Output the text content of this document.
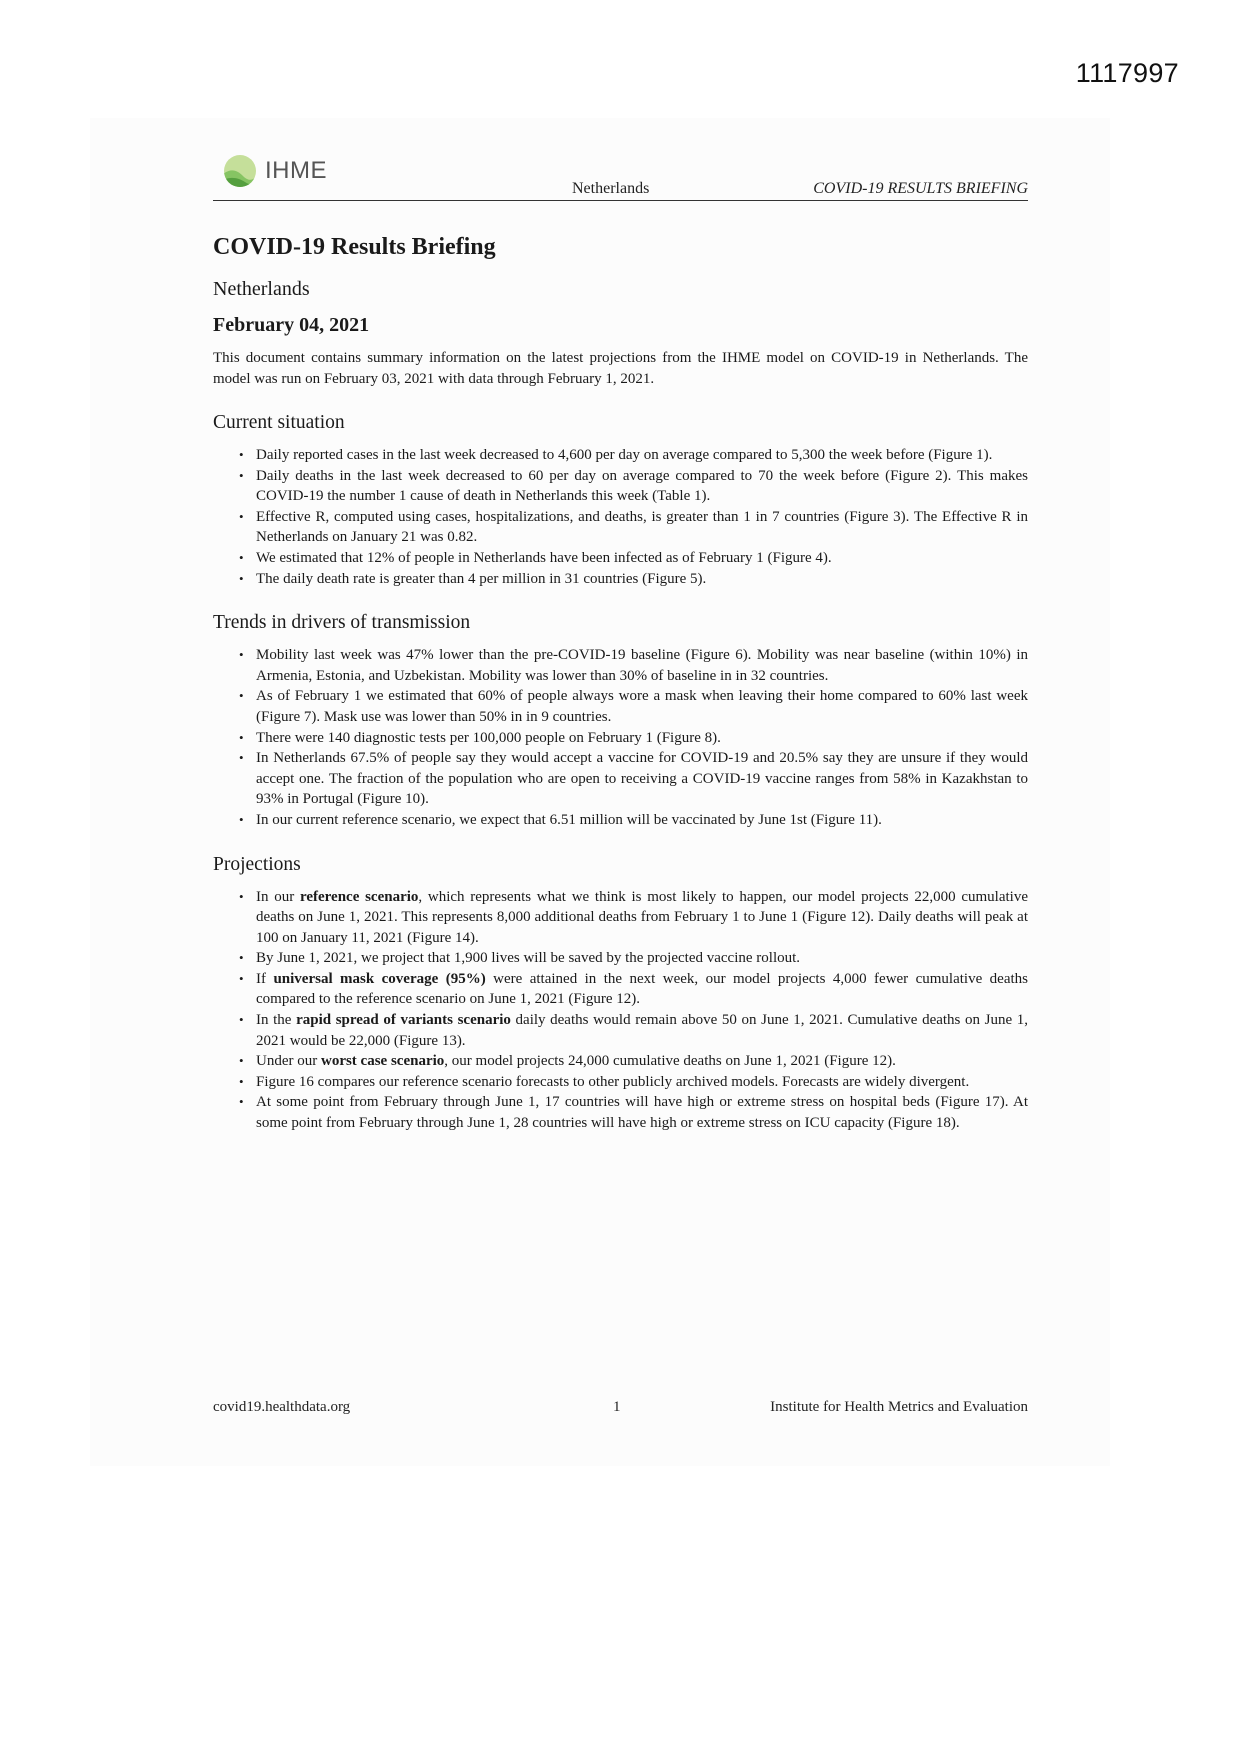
1117997
IHME
Netherlands	COVID-19 RESULTS BRIEFING
COVID-19 Results Briefing
Netherlands
February 04, 2021

This document contains summary information on the latest projections from the IHME model on COVID-19 in Netherlands. The model was run on February 03, 2021 with data through February 1, 2021.

Current situation
• Daily reported cases in the last week decreased to 4,600 per day on average compared to 5,300 the week before (Figure 1).
• Daily deaths in the last week decreased to 60 per day on average compared to 70 the week before (Figure 2). This makes COVID-19 the number 1 cause of death in Netherlands this week (Table 1).
• Effective R, computed using cases, hospitalizations, and deaths, is greater than 1 in 7 countries (Figure 3). The Effective R in Netherlands on January 21 was 0.82.
• We estimated that 12% of people in Netherlands have been infected as of February 1 (Figure 4).
• The daily death rate is greater than 4 per million in 31 countries (Figure 5).
Trends in drivers of transmission
• Mobility last week was 47% lower than the pre-COVID-19 baseline (Figure 6). Mobility was near baseline (within 10%) in Armenia, Estonia, and Uzbekistan. Mobility was lower than 30% of baseline in in 32 countries.
• As of February 1 we estimated that 60% of people always wore a mask when leaving their home compared to 60% last week (Figure 7). Mask use was lower than 50% in in 9 countries.
• There were 140 diagnostic tests per 100,000 people on February 1 (Figure 8).
• In Netherlands 67.5% of people say they would accept a vaccine for COVID-19 and 20.5% say they are unsure if they would accept one. The fraction of the population who are open to receiving a COVID-19 vaccine ranges from 58% in Kazakhstan to 93% in Portugal (Figure 10).
• In our current reference scenario, we expect that 6.51 million will be vaccinated by June 1st (Figure 11).
Projections
• In our reference scenario, which represents what we think is most likely to happen, our model projects 22,000 cumulative deaths on June 1, 2021. This represents 8,000 additional deaths from February 1 to June 1 (Figure 12). Daily deaths will peak at 100 on January 11, 2021 (Figure 14).
• By June 1, 2021, we project that 1,900 lives will be saved by the projected vaccine rollout.
• If universal mask coverage (95%) were attained in the next week, our model projects 4,000 fewer cumulative deaths compared to the reference scenario on June 1, 2021 (Figure 12).
• In the rapid spread of variants scenario daily deaths would remain above 50 on June 1, 2021. Cumulative deaths on June 1, 2021 would be 22,000 (Figure 13).
• Under our worst case scenario, our model projects 24,000 cumulative deaths on June 1, 2021 (Figure 12).
• Figure 16 compares our reference scenario forecasts to other publicly archived models. Forecasts are widely divergent.
• At some point from February through June 1, 17 countries will have high or extreme stress on hospital beds (Figure 17). At some point from February through June 1, 28 countries will have high or extreme stress on ICU capacity (Figure 18).
covid19.healthdata.org	1	Institute for Health Metrics and Evaluation
